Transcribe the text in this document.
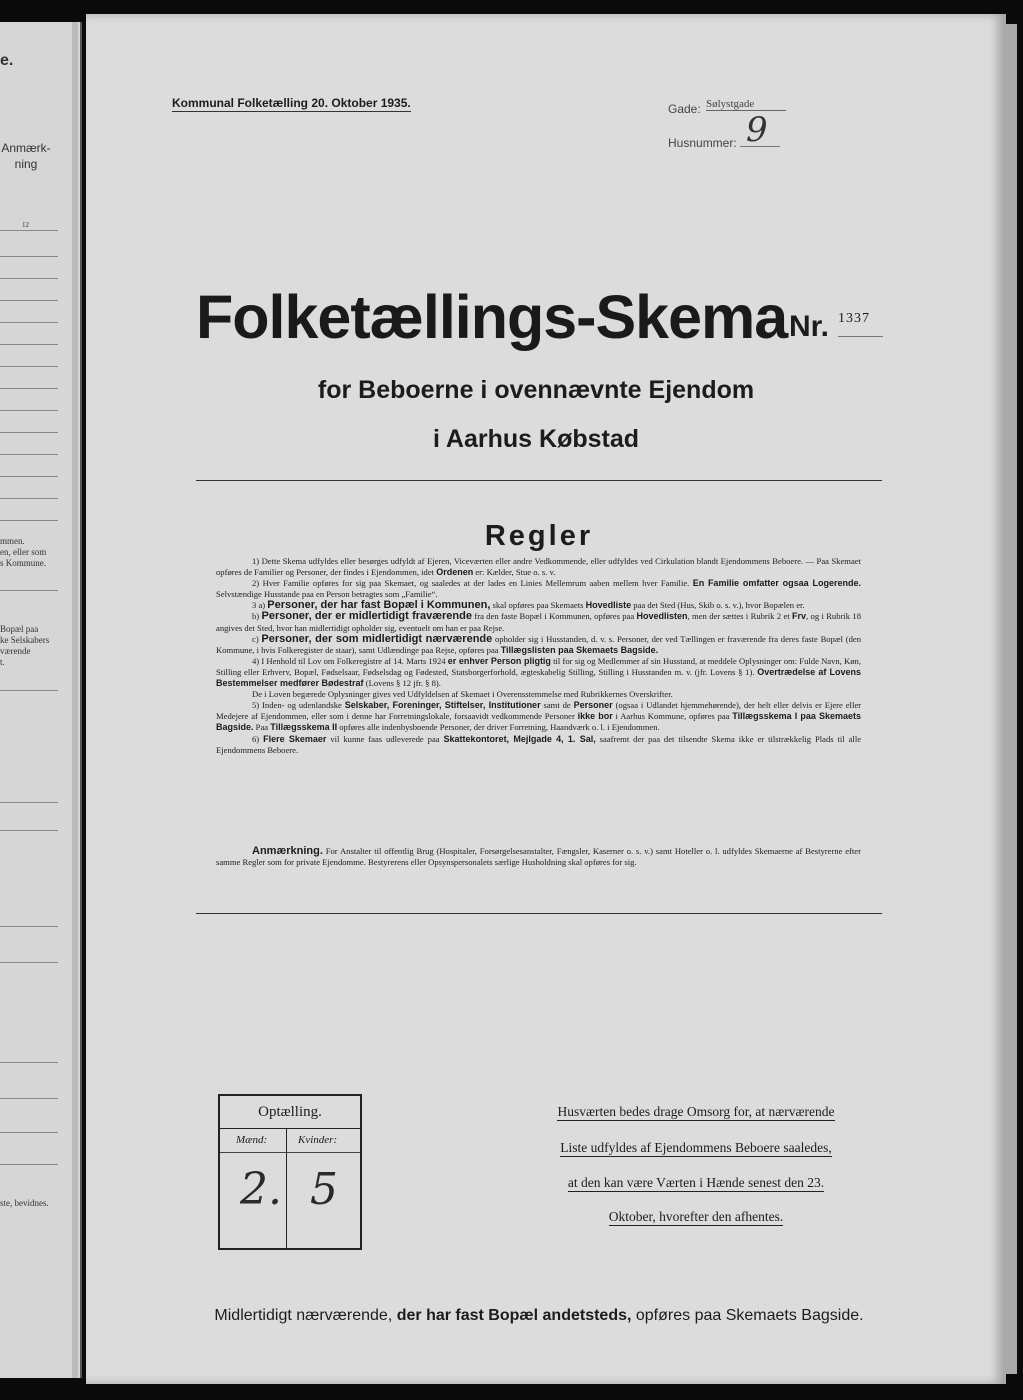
e.
Anmærk-
ning
12
mmen.
en, eller som
s Kommune.
Bopæl paa
ke Selskabers
værende
t.
ste, bevidnes.
Kommunal Folketælling 20. Oktober 1935.	Gade: Sølystgade
Husnummer: 9
Folketællings-Skema Nr. 1337
for Beboerne i ovennævnte Ejendom
i Aarhus Købstad
Regler

1) Dette Skema udfyldes eller besørges udfyldt af Ejeren, Viceværten eller andre Vedkommende, eller udfyldes ved Cirkulation blandt Ejendommens Beboere. — Paa Skemaet opføres de Familier og Personer, der findes i Ejendommen, idet Ordenen er: Kælder, Stue o. s. v.

2) Hver Familie opføres for sig paa Skemaet, og saaledes at der lades en Linies Mellemrum aaben mellem hver Familie. En Familie omfatter ogsaa Logerende. Selvstændige Husstande paa en Person betragtes som „Familie“.

3 a) Personer, der har fast Bopæl i Kommunen, skal opføres paa Skemaets Hovedliste paa det Sted (Hus, Skib o. s. v.), hvor Bopælen er.

b) Personer, der er midlertidigt fraværende fra den faste Bopæl i Kommunen, opføres paa Hovedlisten, men der sættes i Rubrik 2 et Frv, og i Rubrik 18 angives det Sted, hvor han midlertidigt opholder sig, eventuelt om han er paa Rejse.

c) Personer, der som midlertidigt nærværende opholder sig i Husstanden, d. v. s. Personer, der ved Tællingen er fraværende fra deres faste Bopæl (den Kommune, i hvis Folkeregister de staar), samt Udlændinge paa Rejse, opføres paa Tillægslisten paa Skemaets Bagside.

4) I Henhold til Lov om Folkeregistre af 14. Marts 1924 er enhver Person pligtig til for sig og Medlemmer af sin Husstand, at meddele Oplysninger om: Fulde Navn, Køn, Stilling eller Erhverv, Bopæl, Fødselsaar, Fødselsdag og Fødested, Statsborgerforhold, ægteskabelig Stilling, Stilling i Husstanden m. v. (jfr. Lovens § 1). Overtrædelse af Lovens Bestemmelser medfører Bødestraf (Lovens § 12 jfr. § 8).

De i Loven begærede Oplysninger gives ved Udfyldelsen af Skemaet i Overensstemmelse med Rubrikkernes Overskrifter.

5) Inden- og udenlandske Selskaber, Foreninger, Stiftelser, Institutioner samt de Personer (ogsaa i Udlandet hjemmehørende), der helt eller delvis er Ejere eller Medejere af Ejendommen, eller som i denne har Forretningslokale, forsaavidt vedkommende Personer ikke bor i Aarhus Kommune, opføres paa Tillægsskema I paa Skemaets Bagside. Paa Tillægsskema II opføres alle indenbysboende Personer, der driver Forretning, Haandværk o. l. i Ejendommen.

6) Flere Skemaer vil kunne faas udleverede paa Skattekontoret, Mejlgade 4, 1. Sal, saafremt der paa det tilsendte Skema ikke er tilstrækkelig Plads til alle Ejendommens Beboere.

Anmærkning. For Anstalter til offentlig Brug (Hospitaler, Forsørgelsesanstalter, Fængsler, Kaserner o. s. v.) samt Hoteller o. l. udfyldes Skemaerne af Bestyrerne efter samme Regler som for private Ejendomme. Bestyrerens eller Opsynspersonalets særlige Husholdning skal opføres for sig.

Optælling.
Mænd:	Kvinder:
2. 5
Husværten bedes drage Omsorg for, at nærværende
Liste udfyldes af Ejendommens Beboere saaledes,
at den kan være Værten i Hænde senest den 23.
Oktober, hvorefter den afhentes.
Midlertidigt nærværende, der har fast Bopæl andetsteds, opføres paa Skemaets Bagside.
